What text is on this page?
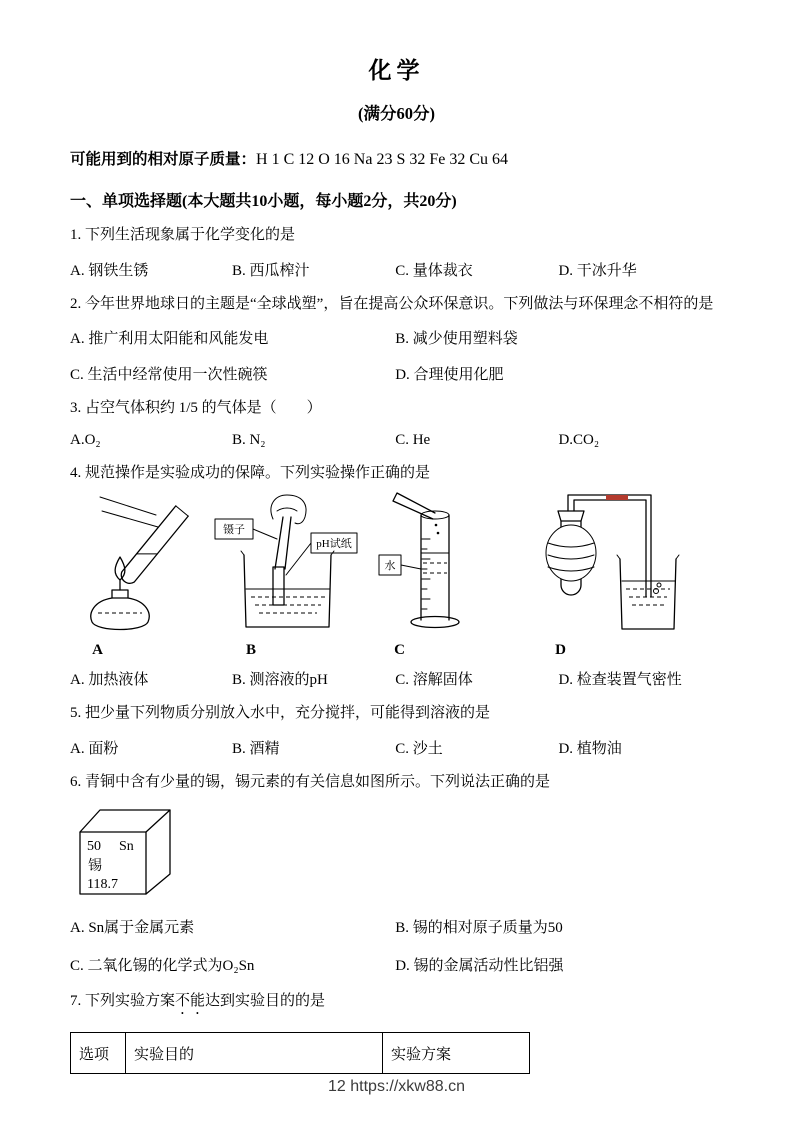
化学
(满分60分)
可能用到的相对原子质量：H 1 C 12 O 16 Na 23 S 32 Fe 32 Cu 64
一、单项选择题(本大题共10小题，每小题2分，共20分)
1. 下列生活现象属于化学变化的是
A. 钢铁生锈	B. 西瓜榨汁	C. 量体裁衣	D. 干冰升华
2. 今年世界地球日的主题是“全球战塑”，旨在提高公众环保意识。下列做法与环保理念不相符的是
A. 推广利用太阳能和风能发电	B. 减少使用塑料袋
C. 生活中经常使用一次性碗筷	D. 合理使用化肥
3. 占空气体积约 1/5 的气体是（　　）
A.O₂	B. N₂	C. He	D.CO₂
4. 规范操作是实验成功的保障。下列实验操作正确的是
A
镊子
pH试纸
B
水
C	D
A. 加热液体	B. 测溶液的pH	C. 溶解固体	D. 检查装置气密性
5. 把少量下列物质分别放入水中，充分搅拌，可能得到溶液的是
A. 面粉	B. 酒精	C. 沙土	D. 植物油
6. 青铜中含有少量的锡，锡元素的有关信息如图所示。下列说法正确的是
50 Sn
锡
118.7
A. Sn属于金属元素	B. 锡的相对原子质量为50
C. 二氧化锡的化学式为O₂Sn	D. 锡的金属活动性比铝强
7. 下列实验方案不能达到实验目的的是
选项	实验目的	实验方案
12 https://xkw88.cn
